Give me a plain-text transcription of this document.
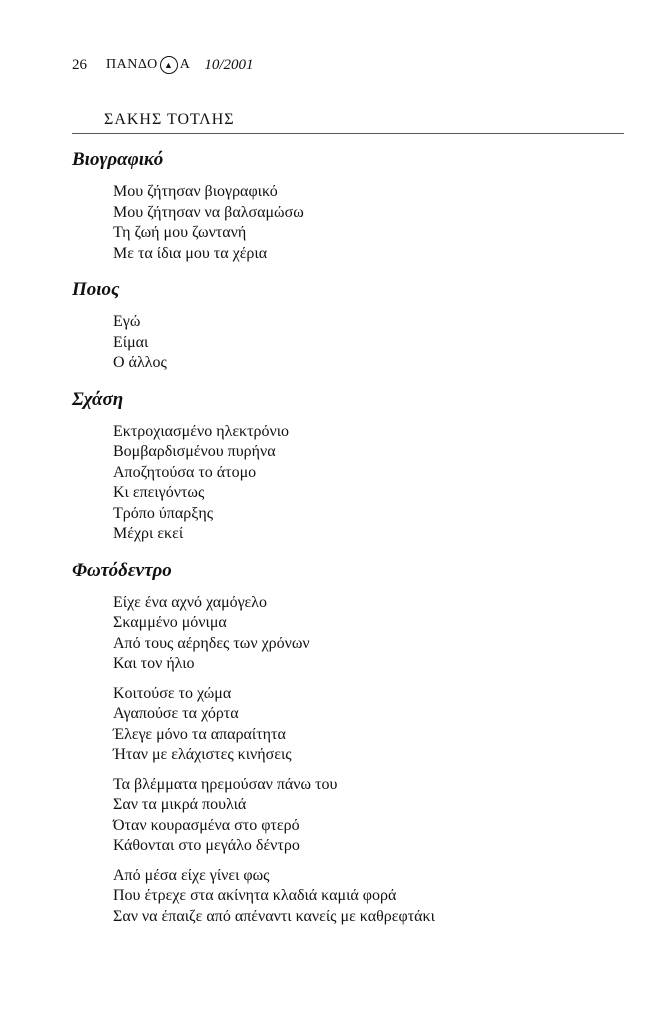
26	ΠΑΝΔΟ ▲ Α 10/2001
ΣΑΚΗΣ ΤΟΤΛΗΣ
Βιογραφικό
Μου ζήτησαν βιογραφικό
Μου ζήτησαν να βαλσαμώσω
Τη ζωή μου ζωντανή
Με τα ίδια μου τα χέρια
Ποιος
Εγώ
Είμαι
Ο άλλος
Σχάση
Εκτροχιασμένο ηλεκτρόνιο
Βομβαρδισμένου πυρήνα
Αποζητούσα το άτομο
Κι επειγόντως
Τρόπο ύπαρξης
Μέχρι εκεί
Φωτόδεντρο
Είχε ένα αχνό χαμόγελο
Σκαμμένο μόνιμα
Από τους αέρηδες των χρόνων
Και τον ήλιο
Κοιτούσε το χώμα
Αγαπούσε τα χόρτα
Έλεγε μόνο τα απαραίτητα
Ήταν με ελάχιστες κινήσεις
Τα βλέμματα ηρεμούσαν πάνω του
Σαν τα μικρά πουλιά
Όταν κουρασμένα στο φτερό
Κάθονται στο μεγάλο δέντρο
Από μέσα είχε γίνει φως
Που έτρεχε στα ακίνητα κλαδιά καμιά φορά
Σαν να έπαιζε από απέναντι κανείς με καθρεφτάκι
